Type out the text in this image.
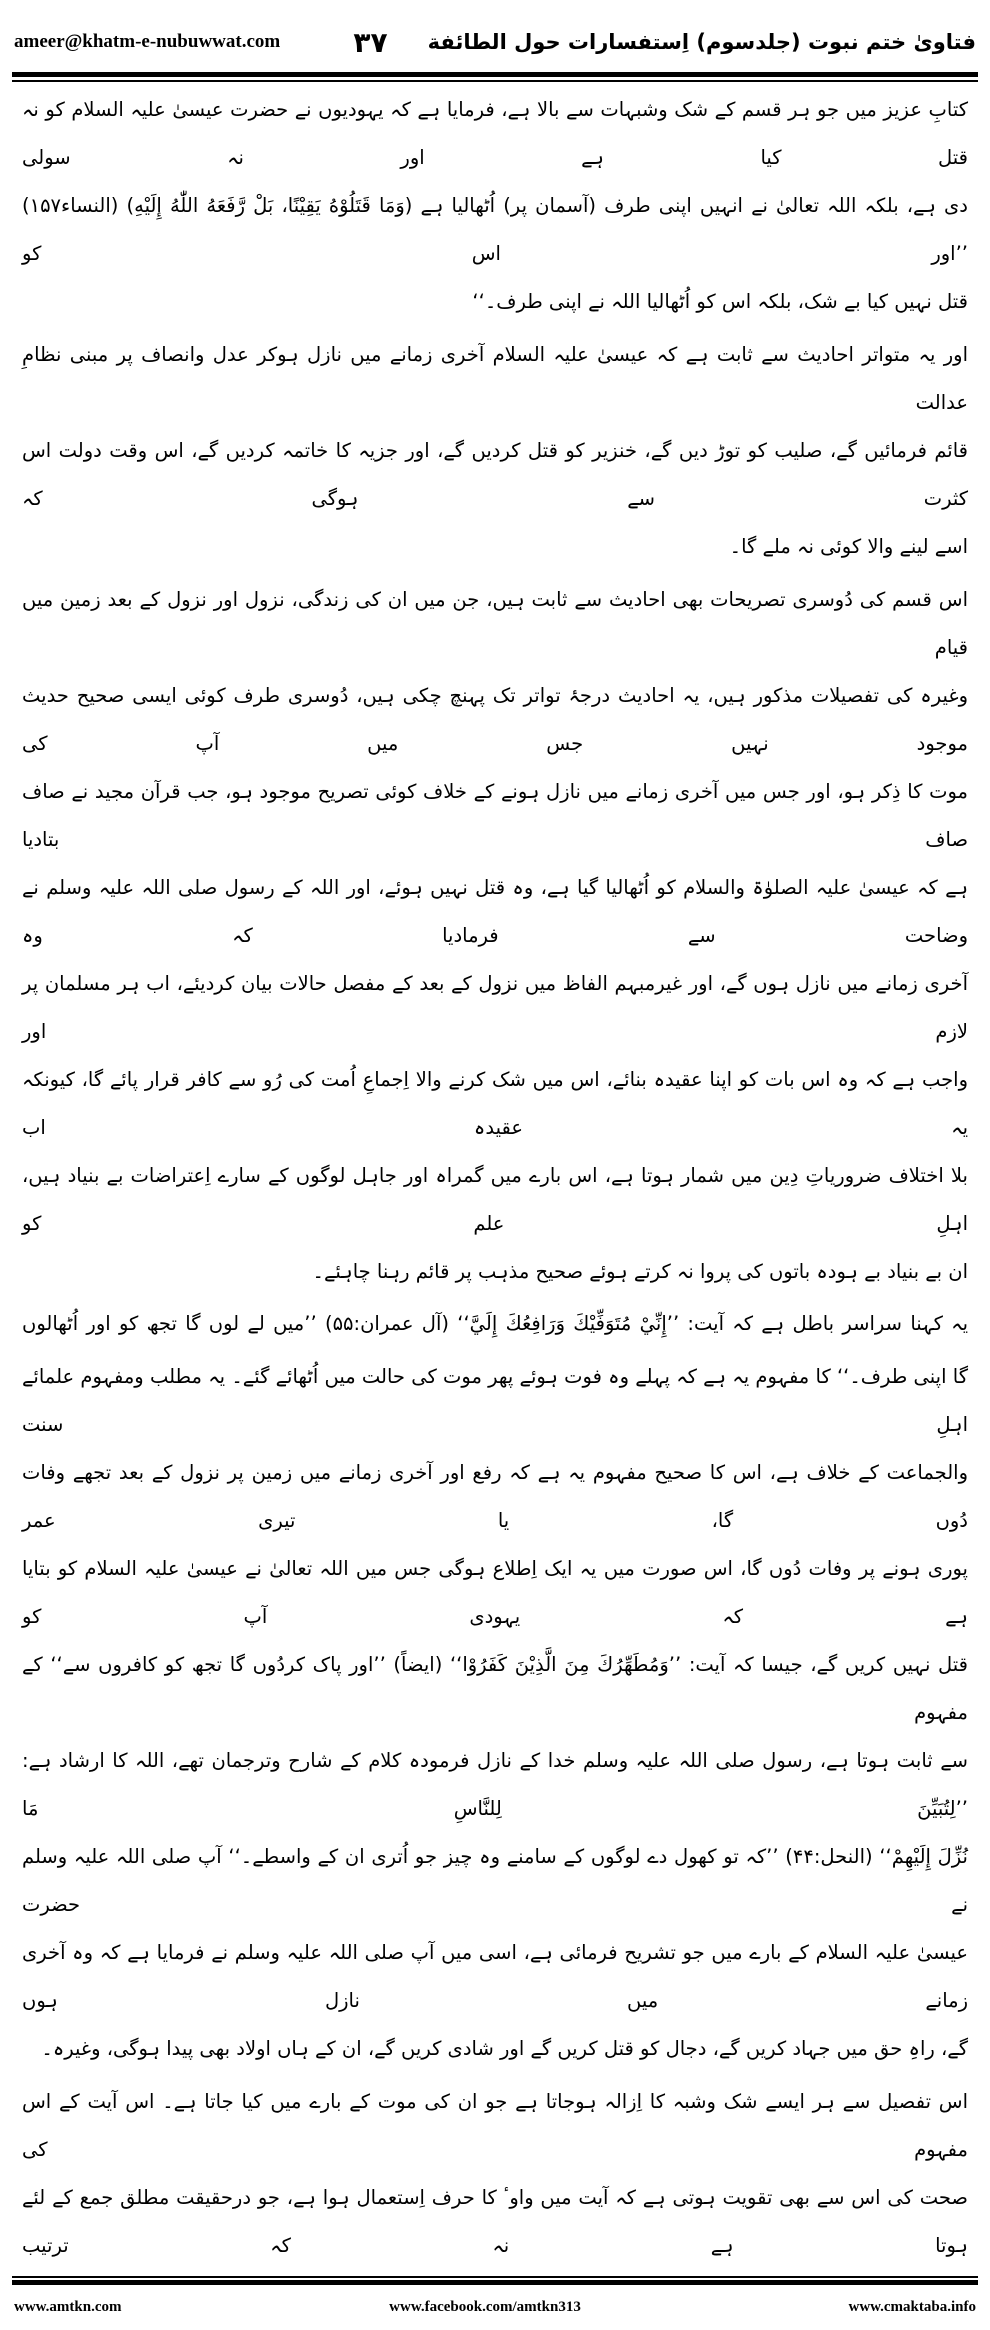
ameer@khatm-e-nubuwwat.com	۳۷ فتاویٰ ختم نبوت (جلدسوم) اِستفسارات حول الطائفة
کتابِ عزیز میں جو ہر قسم کے شک وشبہات سے بالا ہے، فرمایا ہے کہ یہودیوں نے حضرت عیسیٰ علیہ السلام کو نہ قتل کیا ہے اور نہ سولی
دی ہے، بلکہ اللہ تعالیٰ نے انہیں اپنی طرف (آسمان پر) اُٹھالیا ہے (وَمَا قَتَلُوْهُ يَقِيْنًا، بَلْ رَّفَعَهُ اللّٰهُ إِلَيْهِ) (النساء۱۵۷) ’’اور اس کو
قتل نہیں کیا بے شک، بلکہ اس کو اُٹھالیا اللہ نے اپنی طرف۔‘‘
اور یہ متواتر احادیث سے ثابت ہے کہ عیسیٰ علیہ السلام آخری زمانے میں نازل ہوکر عدل وانصاف پر مبنی نظامِ عدالت
قائم فرمائیں گے، صلیب کو توڑ دیں گے، خنزیر کو قتل کردیں گے، اور جزیہ کا خاتمہ کردیں گے، اس وقت دولت اس کثرت سے ہوگی کہ
اسے لینے والا کوئی نہ ملے گا۔
اس قسم کی دُوسری تصریحات بھی احادیث سے ثابت ہیں، جن میں ان کی زندگی، نزول اور نزول کے بعد زمین میں قیام
وغیرہ کی تفصیلات مذکور ہیں، یہ احادیث درجۂ تواتر تک پہنچ چکی ہیں، دُوسری طرف کوئی ایسی صحیح حدیث موجود نہیں جس میں آپ کی
موت کا ذِکر ہو، اور جس میں آخری زمانے میں نازل ہونے کے خلاف کوئی تصریح موجود ہو، جب قرآن مجید نے صاف صاف بتادیا
ہے کہ عیسیٰ علیہ الصلوٰۃ والسلام کو اُٹھالیا گیا ہے، وہ قتل نہیں ہوئے، اور اللہ کے رسول صلی اللہ علیہ وسلم نے وضاحت سے فرمادیا کہ وہ
آخری زمانے میں نازل ہوں گے، اور غیرمبہم الفاظ میں نزول کے بعد کے مفصل حالات بیان کردیئے، اب ہر مسلمان پر لازم اور
واجب ہے کہ وہ اس بات کو اپنا عقیدہ بنائے، اس میں شک کرنے والا اِجماعِ اُمت کی رُو سے کافر قرار پائے گا، کیونکہ یہ عقیدہ اب
بلا اختلاف ضروریاتِ دِین میں شمار ہوتا ہے، اس بارے میں گمراہ اور جاہل لوگوں کے سارے اِعتراضات بے بنیاد ہیں، اہلِ علم کو
ان بے بنیاد بے ہودہ باتوں کی پروا نہ کرتے ہوئے صحیح مذہب پر قائم رہنا چاہئے۔
یہ کہنا سراسر باطل ہے کہ آیت: ’’إِنِّيْ مُتَوَفِّيْكَ وَرَافِعُكَ إِلَيَّ‘‘ (آل عمران:۵۵) ’’میں لے لوں گا تجھ کو اور اُٹھالوں
گا اپنی طرف۔‘‘ کا مفہوم یہ ہے کہ پہلے وہ فوت ہوئے پھر موت کی حالت میں اُٹھائے گئے۔ یہ مطلب ومفہوم علمائے اہلِ سنت
والجماعت کے خلاف ہے، اس کا صحیح مفہوم یہ ہے کہ رفع اور آخری زمانے میں زمین پر نزول کے بعد تجھے وفات دُوں گا، یا تیری عمر
پوری ہونے پر وفات دُوں گا، اس صورت میں یہ ایک اِطلاع ہوگی جس میں اللہ تعالیٰ نے عیسیٰ علیہ السلام کو بتایا ہے کہ یہودی آپ کو
قتل نہیں کریں گے، جیسا کہ آیت: ’’وَمُطَهِّرُكَ مِنَ الَّذِيْنَ كَفَرُوْا‘‘ (ایضاً) ’’اور پاک کردُوں گا تجھ کو کافروں سے‘‘ کے مفہوم
سے ثابت ہوتا ہے، رسول صلی اللہ علیہ وسلم خدا کے نازل فرمودہ کلام کے شارح وترجمان تھے، اللہ کا ارشاد ہے: ’’لِتُبَيِّنَ لِلنَّاسِ مَا
نُزِّلَ إِلَيْهِمْ‘‘ (النحل:۴۴) ’’کہ تو کھول دے لوگوں کے سامنے وہ چیز جو اُتری ان کے واسطے۔‘‘ آپ صلی اللہ علیہ وسلم نے حضرت
عیسیٰ علیہ السلام کے بارے میں جو تشریح فرمائی ہے، اسی میں آپ صلی اللہ علیہ وسلم نے فرمایا ہے کہ وہ آخری زمانے میں نازل ہوں
گے، راہِ حق میں جہاد کریں گے، دجال کو قتل کریں گے اور شادی کریں گے، ان کے ہاں اولاد بھی پیدا ہوگی، وغیرہ۔
اس تفصیل سے ہر ایسے شک وشبہ کا اِزالہ ہوجاتا ہے جو ان کی موت کے بارے میں کیا جاتا ہے۔ اس آیت کے اس مفہوم کی
صحت کی اس سے بھی تقویت ہوتی ہے کہ آیت میں واوٴ کا حرف اِستعمال ہوا ہے، جو درحقیقت مطلق جمع کے لئے ہوتا ہے نہ کہ ترتیب
www.amtkn.com	www.facebook.com/amtkn313	www.cmaktaba.info
